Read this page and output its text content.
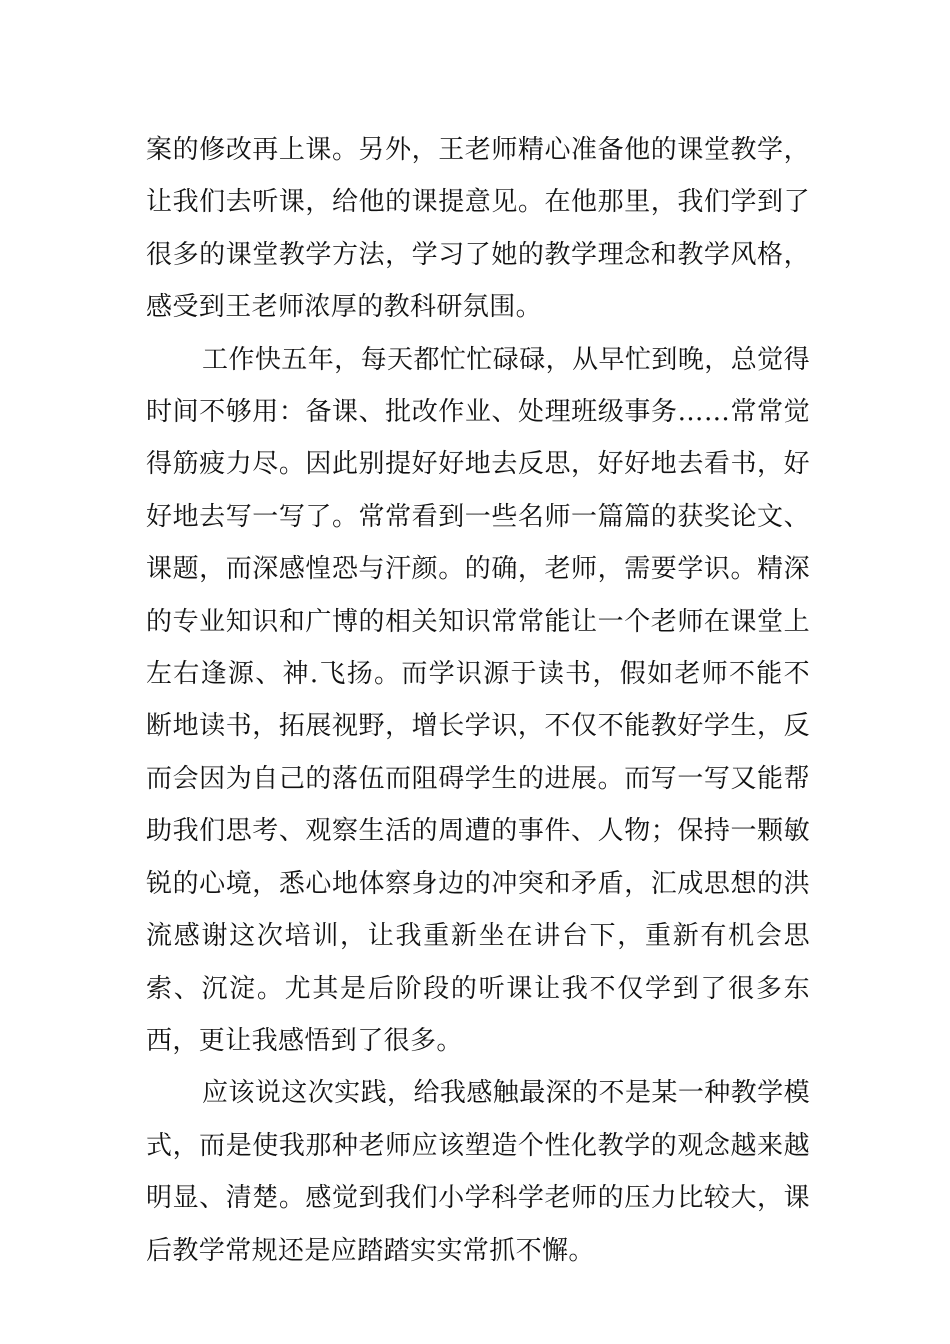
案的修改再上课。另外，王老师精心准备他的课堂教学，让我们去听课，给他的课提意见。在他那里，我们学到了很多的课堂教学方法，学习了她的教学理念和教学风格，感受到王老师浓厚的教科研氛围。

工作快五年，每天都忙忙碌碌，从早忙到晚，总觉得时间不够用：备课、批改作业、处理班级事务……常常觉得筋疲力尽。因此别提好好地去反思，好好地去看书，好好地去写一写了。常常看到一些名师一篇篇的获奖论文、课题，而深感惶恐与汗颜。的确，老师，需要学识。精深的专业知识和广博的相关知识常常能让一个老师在课堂上左右逢源、神.飞扬。而学识源于读书，假如老师不能不断地读书，拓展视野，增长学识，不仅不能教好学生，反而会因为自己的落伍而阻碍学生的进展。而写一写又能帮助我们思考、观察生活的周遭的事件、人物；保持一颗敏锐的心境，悉心地体察身边的冲突和矛盾，汇成思想的洪流感谢这次培训，让我重新坐在讲台下，重新有机会思索、沉淀。尤其是后阶段的听课让我不仅学到了很多东西，更让我感悟到了很多。

应该说这次实践，给我感触最深的不是某一种教学模式，而是使我那种老师应该塑造个性化教学的观念越来越明显、清楚。感觉到我们小学科学老师的压力比较大，课后教学常规还是应踏踏实实常抓不懈。
